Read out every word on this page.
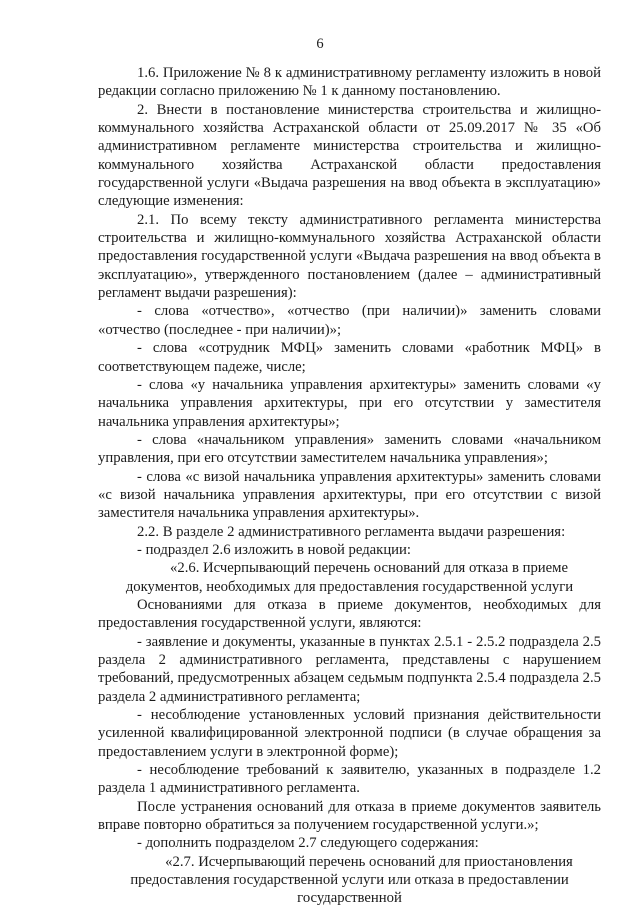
6

1.6. Приложение № 8 к административному регламенту изложить в новой редакции согласно приложению № 1 к данному постановлению.

2. Внести в постановление министерства строительства и жилищно-коммунального хозяйства Астраханской области от 25.09.2017 № 35 «Об административном регламенте министерства строительства и жилищно-коммунального хозяйства Астраханской области предоставления государственной услуги «Выдача разрешения на ввод объекта в эксплуатацию» следующие изменения:

2.1. По всему тексту административного регламента министерства строительства и жилищно-коммунального хозяйства Астраханской области предоставления государственной услуги «Выдача разрешения на ввод объекта в эксплуатацию», утвержденного постановлением (далее – административный регламент выдачи разрешения):

- слова «отчество», «отчество (при наличии)» заменить словами «отчество (последнее - при наличии)»;

- слова «сотрудник МФЦ» заменить словами «работник МФЦ» в соответствующем падеже, числе;

- слова «у начальника управления архитектуры» заменить словами «у начальника управления архитектуры, при его отсутствии у заместителя начальника управления архитектуры»;

- слова «начальником управления» заменить словами «начальником управления, при его отсутствии заместителем начальника управления»;

- слова «с визой начальника управления архитектуры» заменить словами «с визой начальника управления архитектуры, при его отсутствии с визой заместителя начальника управления архитектуры».

2.2. В разделе 2 административного регламента выдачи разрешения:

- подраздел 2.6 изложить в новой редакции:

«2.6. Исчерпывающий перечень оснований для отказа в приеме документов, необходимых для предоставления государственной услуги

Основаниями для отказа в приеме документов, необходимых для предоставления государственной услуги, являются:

- заявление и документы, указанные в пунктах 2.5.1 - 2.5.2 подраздела 2.5 раздела 2 административного регламента, представлены с нарушением требований, предусмотренных абзацем седьмым подпункта 2.5.4 подраздела 2.5 раздела 2 административного регламента;

- несоблюдение установленных условий признания действительности усиленной квалифицированной электронной подписи (в случае обращения за предоставлением услуги в электронной форме);

- несоблюдение требований к заявителю, указанных в подразделе 1.2 раздела 1 административного регламента.

После устранения оснований для отказа в приеме документов заявитель вправе повторно обратиться за получением государственной услуги.»;

- дополнить подразделом 2.7 следующего содержания:

«2.7. Исчерпывающий перечень оснований для приостановления предоставления государственной услуги или отказа в предоставлении государственной
